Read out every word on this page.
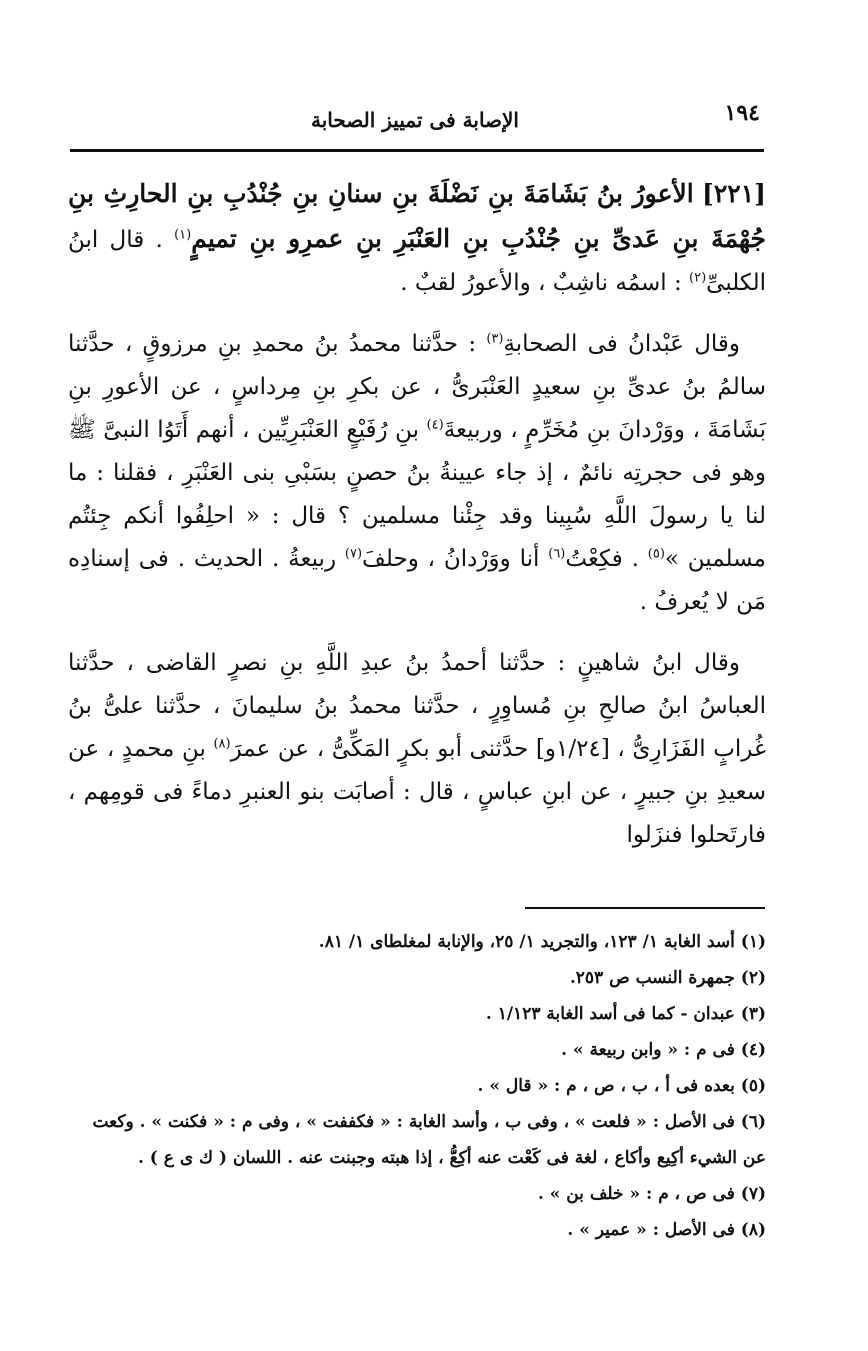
١٩٤
الإصابة فى تمييز الصحابة

[٢٢١] الأعورُ بنُ بَشَامَةَ بنِ نَضْلَةَ بنِ سنانِ بنِ جُنْدُبِ بنِ الحارِثِ بنِ جُهْمَةَ بنِ عَدىِّ بنِ جُنْدُبِ بنِ العَنْبَرِ بنِ عمرِو بنِ تميمٍ$^{(١)}$ . قال ابنُ الكلبىِّ$^{(٢)}$ : اسمُه ناشِبٌ ، والأعورُ لقبٌ .

وقال عَبْدانُ فى الصحابةِ$^{(٣)}$ : حدَّثنا محمدُ بنُ محمدِ بنِ مرزوقٍ ، حدَّثنا سالمُ بنُ عدىِّ بنِ سعيدٍ العَنْبَرىُّ ، عن بكرِ بنِ مِرداسٍ ، عن الأعورِ بنِ بَشَامَةَ ، ووَرْدانَ بنِ مُخَرِّمٍ ، وربيعةَ$^{(٤)}$ بنِ رُفَيْعٍ العَنْبَرِيِّين ، أنهم أَتَوُا النبىَّ ﷺ وهو فى حجرتِه نائمٌ ، إذ جاء عيينةُ بنُ حصنٍ بسَبْىِ بنى العَنْبَرِ ، فقلنا : ما لنا يا رسولَ اللَّهِ سُبِينا وقد جِئْنا مسلمين ؟ قال : « احلِفُوا أنكم جِئتُم مسلمين »$^{(٥)}$ . فكِعْتُ$^{(٦)}$ أنا ووَرْدانُ ، وحلفَ$^{(٧)}$ ربيعةُ . الحديث . فى إسنادِه مَن لا يُعرفُ .

وقال ابنُ شاهينٍ : حدَّثنا أحمدُ بنُ عبدِ اللَّهِ بنِ نصرٍ القاضى ، حدَّثنا العباسُ ابنُ صالحِ بنِ مُساوِرٍ ، حدَّثنا محمدُ بنُ سليمانَ ، حدَّثنا علىُّ بنُ غُرابٍ الفَزَارِىُّ ، [١/٢٤و] حدَّثنى أبو بكرٍ المَكِّىُّ ، عن عمرَ$^{(٨)}$ بنِ محمدٍ ، عن سعيدِ بنِ جبيرٍ ، عن ابنِ عباسٍ ، قال : أصابَت بنو العنبرِ دماءً فى قومِهم ، فارتَحلوا فنزَلوا

(١) أسد الغابة ١/ ١٢٣، والتجريد ١/ ٢٥، والإنابة لمغلطاى ١/ ٨١.

(٢) جمهرة النسب ص ٢٥٣.

(٣) عبدان - كما فى أسد الغابة ١/١٢٣ .

(٤) فى م : « وابن ربيعة » .

(٥) بعده فى أ ، ب ، ص ، م : « قال » .

(٦) فى الأصل : « فلعت » ، وفى ب ، وأسد الغابة : « فكففت » ، وفى م : « فكنت » . وكعت عن الشيء أكِيع وأكاع ، لغة فى كَعْت عنه أكِعُّ ، إذا هبته وجبنت عنه . اللسان ( ك ى ع ) .

(٧) فى ص ، م : « خلف بن » .

(٨) فى الأصل : « عمير » .
